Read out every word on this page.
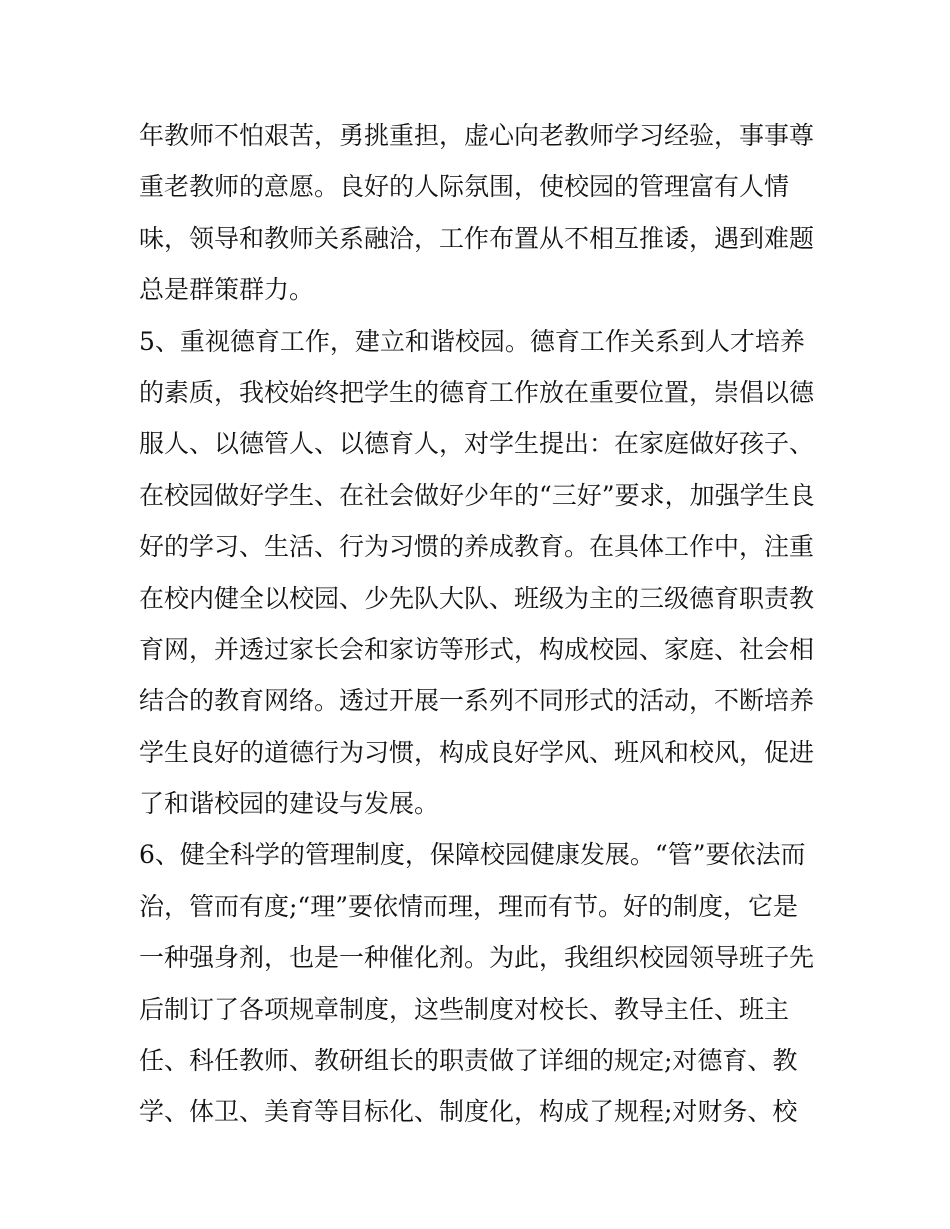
年教师不怕艰苦，勇挑重担，虚心向老教师学习经验，事事尊
重老教师的意愿。良好的人际氛围，使校园的管理富有人情
味，领导和教师关系融洽，工作布置从不相互推诿，遇到难题
总是群策群力。
5、重视德育工作，建立和谐校园。德育工作关系到人才培养
的素质，我校始终把学生的德育工作放在重要位置，崇倡以德
服人、以德管人、以德育人，对学生提出：在家庭做好孩子、
在校园做好学生、在社会做好少年的“三好”要求，加强学生良
好的学习、生活、行为习惯的养成教育。在具体工作中，注重
在校内健全以校园、少先队大队、班级为主的三级德育职责教
育网，并透过家长会和家访等形式，构成校园、家庭、社会相
结合的教育网络。透过开展一系列不同形式的活动，不断培养
学生良好的道德行为习惯，构成良好学风、班风和校风，促进
了和谐校园的建设与发展。
6、健全科学的管理制度，保障校园健康发展。“管”要依法而
治，管而有度;“理”要依情而理，理而有节。好的制度，它是
一种强身剂，也是一种催化剂。为此，我组织校园领导班子先
后制订了各项规章制度，这些制度对校长、教导主任、班主
任、科任教师、教研组长的职责做了详细的规定;对德育、教
学、体卫、美育等目标化、制度化，构成了规程;对财务、校
